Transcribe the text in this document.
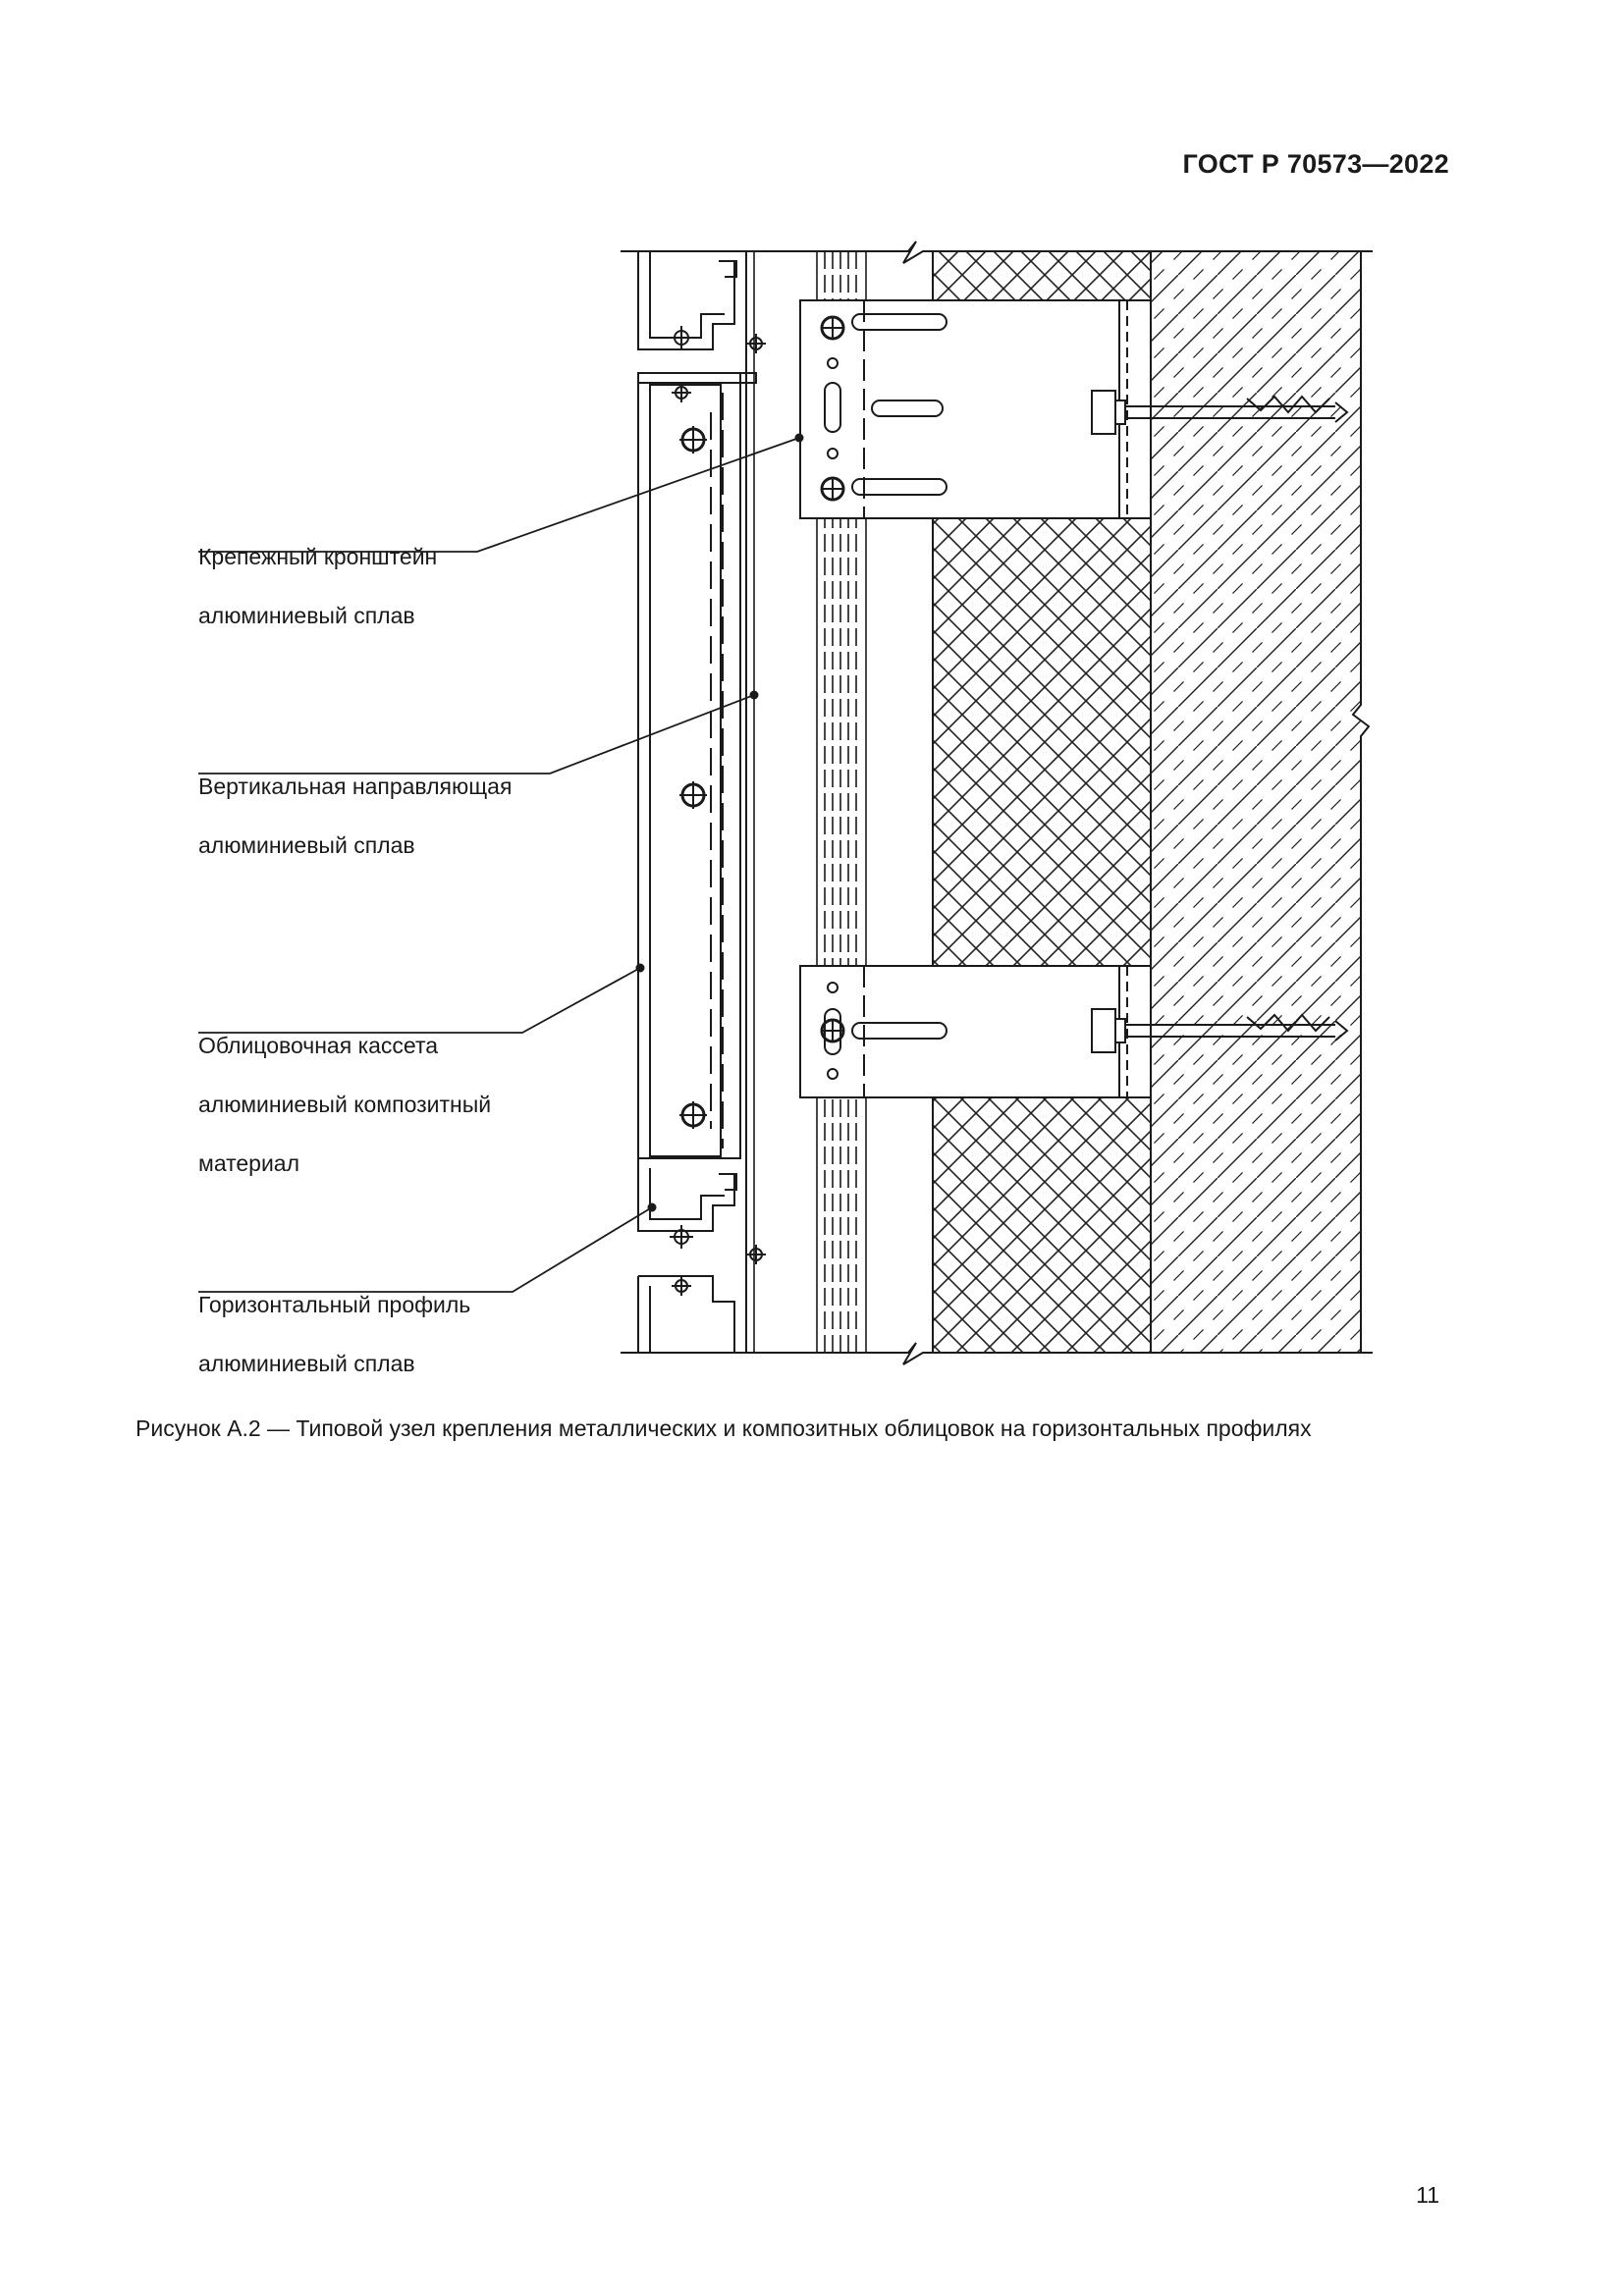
ГОСТ Р 70573—2022

Крепежный кронштейн

алюминиевый сплав

Вертикальная направляющая

алюминиевый сплав

Облицовочная кассета

алюминиевый композитный

материал

Горизонтальный профиль

алюминиевый сплав

Рисунок А.2 — Типовой узел крепления металлических и композитных облицовок на горизонтальных профилях
11
